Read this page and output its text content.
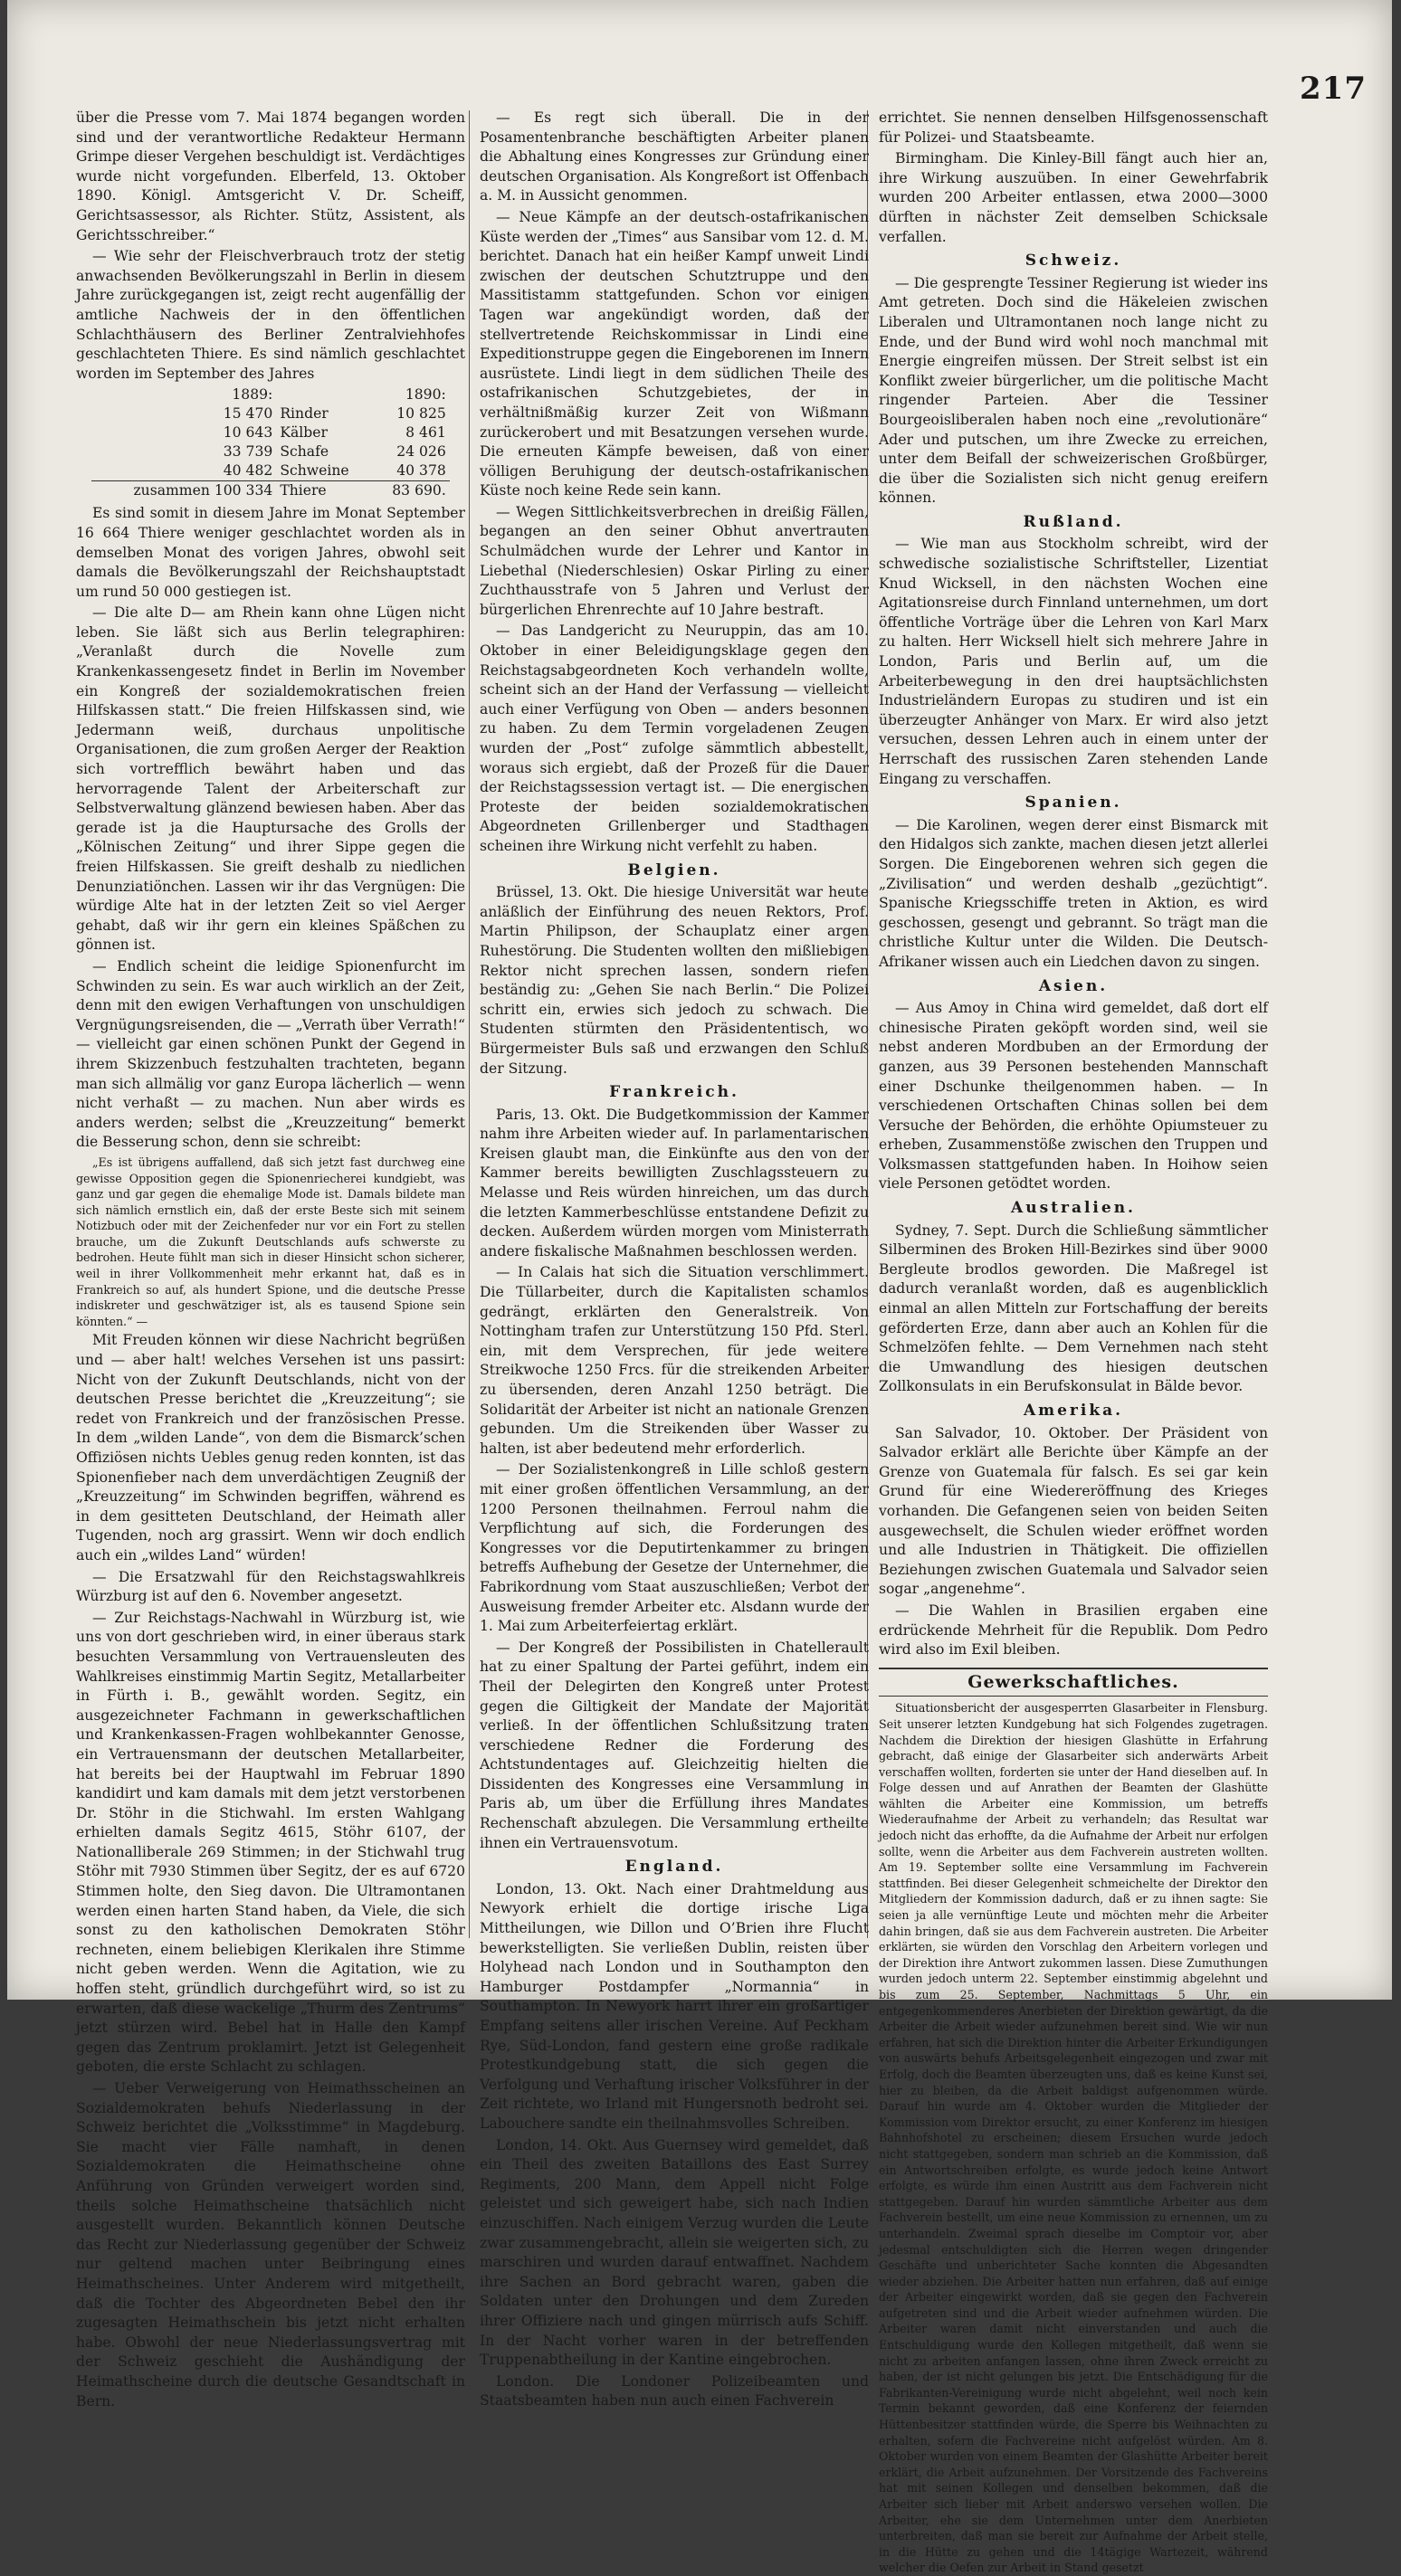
217

über die Presse vom 7. Mai 1874 begangen worden sind und der verantwortliche Redakteur Hermann Grimpe dieser Vergehen beschuldigt ist. Verdächtiges wurde nicht vorgefunden. Elberfeld, 13. Oktober 1890. Königl. Amtsgericht V. Dr. Scheiff, Gerichtsassessor, als Richter. Stütz, Assistent, als Gerichtsschreiber.“

— Wie sehr der Fleischverbrauch trotz der stetig anwachsenden Bevölkerungszahl in Berlin in diesem Jahre zurückgegangen ist, zeigt recht augenfällig der amtliche Nachweis der in den öffentlichen Schlachthäusern des Berliner Zentralviehhofes geschlachteten Thiere. Es sind nämlich geschlachtet worden im September des Jahres

1889:		1890:
15 470	Rinder	10 825
10 643	Kälber	8 461
33 739	Schafe	24 026
40 482	Schweine	40 378
zusammen 100 334	Thiere	83 690.

Es sind somit in diesem Jahre im Monat September 16 664 Thiere weniger geschlachtet worden als in demselben Monat des vorigen Jahres, obwohl seit damals die Bevölkerungszahl der Reichshauptstadt um rund 50 000 gestiegen ist.

— Die alte D— am Rhein kann ohne Lügen nicht leben. Sie läßt sich aus Berlin telegraphiren: „Veranlaßt durch die Novelle zum Krankenkassengesetz findet in Berlin im November ein Kongreß der sozialdemokratischen freien Hilfskassen statt.“ Die freien Hilfskassen sind, wie Jedermann weiß, durchaus unpolitische Organisationen, die zum großen Aerger der Reaktion sich vortrefflich bewährt haben und das hervorragende Talent der Arbeiterschaft zur Selbstverwaltung glänzend bewiesen haben. Aber das gerade ist ja die Hauptursache des Grolls der „Kölnischen Zeitung“ und ihrer Sippe gegen die freien Hilfskassen. Sie greift deshalb zu niedlichen Denunziatiönchen. Lassen wir ihr das Vergnügen: Die würdige Alte hat in der letzten Zeit so viel Aerger gehabt, daß wir ihr gern ein kleines Späßchen zu gönnen ist.

— Endlich scheint die leidige Spionenfurcht im Schwinden zu sein. Es war auch wirklich an der Zeit, denn mit den ewigen Verhaftungen von unschuldigen Vergnügungsreisenden, die — „Verrath über Verrath!“ — vielleicht gar einen schönen Punkt der Gegend in ihrem Skizzenbuch festzuhalten trachteten, begann man sich allmälig vor ganz Europa lächerlich — wenn nicht verhaßt — zu machen. Nun aber wirds es anders werden; selbst die „Kreuzzeitung“ bemerkt die Besserung schon, denn sie schreibt:

„Es ist übrigens auffallend, daß sich jetzt fast durchweg eine gewisse Opposition gegen die Spionenriecherei kundgiebt, was ganz und gar gegen die ehemalige Mode ist. Damals bildete man sich nämlich ernstlich ein, daß der erste Beste sich mit seinem Notizbuch oder mit der Zeichenfeder nur vor ein Fort zu stellen brauche, um die Zukunft Deutschlands aufs schwerste zu bedrohen. Heute fühlt man sich in dieser Hinsicht schon sicherer, weil in ihrer Vollkommenheit mehr erkannt hat, daß es in Frankreich so auf, als hundert Spione, und die deutsche Presse indiskreter und geschwätziger ist, als es tausend Spione sein könnten.“ —

Mit Freuden können wir diese Nachricht begrüßen und — aber halt! welches Versehen ist uns passirt: Nicht von der Zukunft Deutschlands, nicht von der deutschen Presse berichtet die „Kreuzzeitung“; sie redet von Frankreich und der französischen Presse. In dem „wilden Lande“, von dem die Bismarck’schen Offiziösen nichts Uebles genug reden konnten, ist das Spionenfieber nach dem unverdächtigen Zeugniß der „Kreuzzeitung“ im Schwinden begriffen, während es in dem gesitteten Deutschland, der Heimath aller Tugenden, noch arg grassirt. Wenn wir doch endlich auch ein „wildes Land“ würden!

— Die Ersatzwahl für den Reichstagswahlkreis Würzburg ist auf den 6. November angesetzt.

— Zur Reichstags-Nachwahl in Würzburg ist, wie uns von dort geschrieben wird, in einer überaus stark besuchten Versammlung von Vertrauensleuten des Wahlkreises einstimmig Martin Segitz, Metallarbeiter in Fürth i. B., gewählt worden. Segitz, ein ausgezeichneter Fachmann in gewerkschaftlichen und Krankenkassen-Fragen wohlbekannter Genosse, ein Vertrauensmann der deutschen Metallarbeiter, hat bereits bei der Hauptwahl im Februar 1890 kandidirt und kam damals mit dem jetzt verstorbenen Dr. Stöhr in die Stichwahl. Im ersten Wahlgang erhielten damals Segitz 4615, Stöhr 6107, der Nationalliberale 269 Stimmen; in der Stichwahl trug Stöhr mit 7930 Stimmen über Segitz, der es auf 6720 Stimmen holte, den Sieg davon. Die Ultramontanen werden einen harten Stand haben, da Viele, die sich sonst zu den katholischen Demokraten Stöhr rechneten, einem beliebigen Klerikalen ihre Stimme nicht geben werden. Wenn die Agitation, wie zu hoffen steht, gründlich durchgeführt wird, so ist zu erwarten, daß diese wackelige „Thurm des Zentrums“ jetzt stürzen wird. Bebel hat in Halle den Kampf gegen das Zentrum proklamirt. Jetzt ist Gelegenheit geboten, die erste Schlacht zu schlagen.

— Ueber Verweigerung von Heimathsscheinen an Sozialdemokraten behufs Niederlassung in der Schweiz berichtet die „Volksstimme“ in Magdeburg. Sie macht vier Fälle namhaft, in denen Sozialdemokraten die Heimathscheine ohne Anführung von Gründen verweigert worden sind, theils solche Heimathscheine thatsächlich nicht ausgestellt wurden. Bekanntlich können Deutsche das Recht zur Niederlassung gegenüber der Schweiz nur geltend machen unter Beibringung eines Heimathscheines. Unter Anderem wird mitgetheilt, daß die Tochter des Abgeordneten Bebel den ihr zugesagten Heimathschein bis jetzt nicht erhalten habe. Obwohl der neue Niederlassungsvertrag mit der Schweiz geschieht die Aushändigung der Heimathscheine durch die deutsche Gesandtschaft in Bern.

— Es regt sich überall. Die in der Posamentenbranche beschäftigten Arbeiter planen die Abhaltung eines Kongresses zur Gründung einer deutschen Organisation. Als Kongreßort ist Offenbach a. M. in Aussicht genommen.

— Neue Kämpfe an der deutsch-ostafrikanischen Küste werden der „Times“ aus Sansibar vom 12. d. M. berichtet. Danach hat ein heißer Kampf unweit Lindi zwischen der deutschen Schutztruppe und den Massitistamm stattgefunden. Schon vor einigen Tagen war angekündigt worden, daß der stellvertretende Reichskommissar in Lindi eine Expeditionstruppe gegen die Eingeborenen im Innern ausrüstete. Lindi liegt in dem südlichen Theile des ostafrikanischen Schutzgebietes, der in verhältnißmäßig kurzer Zeit von Wißmann zurückerobert und mit Besatzungen versehen wurde. Die erneuten Kämpfe beweisen, daß von einer völligen Beruhigung der deutsch-ostafrikanischen Küste noch keine Rede sein kann.

— Wegen Sittlichkeitsverbrechen in dreißig Fällen, begangen an den seiner Obhut anvertrauten Schulmädchen wurde der Lehrer und Kantor in Liebethal (Niederschlesien) Oskar Pirling zu einer Zuchthausstrafe von 5 Jahren und Verlust der bürgerlichen Ehrenrechte auf 10 Jahre bestraft.

— Das Landgericht zu Neuruppin, das am 10. Oktober in einer Beleidigungsklage gegen den Reichstagsabgeordneten Koch verhandeln wollte, scheint sich an der Hand der Verfassung — vielleicht auch einer Verfügung von Oben — anders besonnen zu haben. Zu dem Termin vorgeladenen Zeugen wurden der „Post“ zufolge sämmtlich abbestellt, woraus sich ergiebt, daß der Prozeß für die Dauer der Reichstagssession vertagt ist. — Die energischen Proteste der beiden sozialdemokratischen Abgeordneten Grillenberger und Stadthagen scheinen ihre Wirkung nicht verfehlt zu haben.

Belgien.

Brüssel, 13. Okt. Die hiesige Universität war heute anläßlich der Einführung des neuen Rektors, Prof. Martin Philipson, der Schauplatz einer argen Ruhestörung. Die Studenten wollten den mißliebigen Rektor nicht sprechen lassen, sondern riefen beständig zu: „Gehen Sie nach Berlin.“ Die Polizei schritt ein, erwies sich jedoch zu schwach. Die Studenten stürmten den Präsidententisch, wo Bürgermeister Buls saß und erzwangen den Schluß der Sitzung.

Frankreich.

Paris, 13. Okt. Die Budgetkommission der Kammer nahm ihre Arbeiten wieder auf. In parlamentarischen Kreisen glaubt man, die Einkünfte aus den von der Kammer bereits bewilligten Zuschlagssteuern zu Melasse und Reis würden hinreichen, um das durch die letzten Kammerbeschlüsse entstandene Defizit zu decken. Außerdem würden morgen vom Ministerrath andere fiskalische Maßnahmen beschlossen werden.

— In Calais hat sich die Situation verschlimmert. Die Tüllarbeiter, durch die Kapitalisten schamlos gedrängt, erklärten den Generalstreik. Von Nottingham trafen zur Unterstützung 150 Pfd. Sterl. ein, mit dem Versprechen, für jede weitere Streikwoche 1250 Frcs. für die streikenden Arbeiter zu übersenden, deren Anzahl 1250 beträgt. Die Solidarität der Arbeiter ist nicht an nationale Grenzen gebunden. Um die Streikenden über Wasser zu halten, ist aber bedeutend mehr erforderlich.

— Der Sozialistenkongreß in Lille schloß gestern mit einer großen öffentlichen Versammlung, an der 1200 Personen theilnahmen. Ferroul nahm die Verpflichtung auf sich, die Forderungen des Kongresses vor die Deputirtenkammer zu bringen betreffs Aufhebung der Gesetze der Unternehmer, die Fabrikordnung vom Staat auszuschließen; Verbot der Ausweisung fremder Arbeiter etc. Alsdann wurde der 1. Mai zum Arbeiterfeiertag erklärt.

— Der Kongreß der Possibilisten in Chatellerault hat zu einer Spaltung der Partei geführt, indem ein Theil der Delegirten den Kongreß unter Protest gegen die Giltigkeit der Mandate der Majorität verließ. In der öffentlichen Schlußsitzung traten verschiedene Redner die Forderung des Achtstundentages auf. Gleichzeitig hielten die Dissidenten des Kongresses eine Versammlung in Paris ab, um über die Erfüllung ihres Mandates Rechenschaft abzulegen. Die Versammlung ertheilte ihnen ein Vertrauensvotum.

England.

London, 13. Okt. Nach einer Drahtmeldung aus Newyork erhielt die dortige irische Liga Mittheilungen, wie Dillon und O’Brien ihre Flucht bewerkstelligten. Sie verließen Dublin, reisten über Holyhead nach London und in Southampton den Hamburger Postdampfer „Normannia“ in Southampton. In Newyork harrt ihrer ein großartiger Empfang seitens aller irischen Vereine. Auf Peckham Rye, Süd-London, fand gestern eine große radikale Protestkundgebung statt, die sich gegen die Verfolgung und Verhaftung irischer Volksführer in der Zeit richtete, wo Irland mit Hungersnoth bedroht sei. Labouchere sandte ein theilnahmsvolles Schreiben.

London, 14. Okt. Aus Guernsey wird gemeldet, daß ein Theil des zweiten Bataillons des East Surrey Regiments, 200 Mann, dem Appell nicht Folge geleistet und sich geweigert habe, sich nach Indien einzuschiffen. Nach einigem Verzug wurden die Leute zwar zusammengebracht, allein sie weigerten sich, zu marschiren und wurden darauf entwaffnet. Nachdem ihre Sachen an Bord gebracht waren, gaben die Soldaten unter den Drohungen und dem Zureden ihrer Offiziere nach und gingen mürrisch aufs Schiff. In der Nacht vorher waren in der betreffenden Truppenabtheilung in der Kantine eingebrochen.

London. Die Londoner Polizeibeamten und Staatsbeamten haben nun auch einen Fachverein

errichtet. Sie nennen denselben Hilfsgenossenschaft für Polizei- und Staatsbeamte.

Birmingham. Die Kinley-Bill fängt auch hier an, ihre Wirkung auszuüben. In einer Gewehrfabrik wurden 200 Arbeiter entlassen, etwa 2000—3000 dürften in nächster Zeit demselben Schicksale verfallen.

Schweiz.

— Die gesprengte Tessiner Regierung ist wieder ins Amt getreten. Doch sind die Häkeleien zwischen Liberalen und Ultramontanen noch lange nicht zu Ende, und der Bund wird wohl noch manchmal mit Energie eingreifen müssen. Der Streit selbst ist ein Konflikt zweier bürgerlicher, um die politische Macht ringender Parteien. Aber die Tessiner Bourgeoisliberalen haben noch eine „revolutionäre“ Ader und putschen, um ihre Zwecke zu erreichen, unter dem Beifall der schweizerischen Großbürger, die über die Sozialisten sich nicht genug ereifern können.

Rußland.

— Wie man aus Stockholm schreibt, wird der schwedische sozialistische Schriftsteller, Lizentiat Knud Wicksell, in den nächsten Wochen eine Agitationsreise durch Finnland unternehmen, um dort öffentliche Vorträge über die Lehren von Karl Marx zu halten. Herr Wicksell hielt sich mehrere Jahre in London, Paris und Berlin auf, um die Arbeiterbewegung in den drei hauptsächlichsten Industrieländern Europas zu studiren und ist ein überzeugter Anhänger von Marx. Er wird also jetzt versuchen, dessen Lehren auch in einem unter der Herrschaft des russischen Zaren stehenden Lande Eingang zu verschaffen.

Spanien.

— Die Karolinen, wegen derer einst Bismarck mit den Hidalgos sich zankte, machen diesen jetzt allerlei Sorgen. Die Eingeborenen wehren sich gegen die „Zivilisation“ und werden deshalb „gezüchtigt“. Spanische Kriegsschiffe treten in Aktion, es wird geschossen, gesengt und gebrannt. So trägt man die christliche Kultur unter die Wilden. Die Deutsch-Afrikaner wissen auch ein Liedchen davon zu singen.

Asien.

— Aus Amoy in China wird gemeldet, daß dort elf chinesische Piraten geköpft worden sind, weil sie nebst anderen Mordbuben an der Ermordung der ganzen, aus 39 Personen bestehenden Mannschaft einer Dschunke theilgenommen haben. — In verschiedenen Ortschaften Chinas sollen bei dem Versuche der Behörden, die erhöhte Opiumsteuer zu erheben, Zusammenstöße zwischen den Truppen und Volksmassen stattgefunden haben. In Hoihow seien viele Personen getödtet worden.

Australien.

Sydney, 7. Sept. Durch die Schließung sämmtlicher Silberminen des Broken Hill-Bezirkes sind über 9000 Bergleute brodlos geworden. Die Maßregel ist dadurch veranlaßt worden, daß es augenblicklich einmal an allen Mitteln zur Fortschaffung der bereits geförderten Erze, dann aber auch an Kohlen für die Schmelzöfen fehlte. — Dem Vernehmen nach steht die Umwandlung des hiesigen deutschen Zollkonsulats in ein Berufskonsulat in Bälde bevor.

Amerika.

San Salvador, 10. Oktober. Der Präsident von Salvador erklärt alle Berichte über Kämpfe an der Grenze von Guatemala für falsch. Es sei gar kein Grund für eine Wiedereröffnung des Krieges vorhanden. Die Gefangenen seien von beiden Seiten ausgewechselt, die Schulen wieder eröffnet worden und alle Industrien in Thätigkeit. Die offiziellen Beziehungen zwischen Guatemala und Salvador seien sogar „angenehme“.

— Die Wahlen in Brasilien ergaben eine erdrückende Mehrheit für die Republik. Dom Pedro wird also im Exil bleiben.

Gewerkschaftliches.

Situationsbericht der ausgesperrten Glasarbeiter in Flensburg. Seit unserer letzten Kundgebung hat sich Folgendes zugetragen. Nachdem die Direktion der hiesigen Glashütte in Erfahrung gebracht, daß einige der Glasarbeiter sich anderwärts Arbeit verschaffen wollten, forderten sie unter der Hand dieselben auf. In Folge dessen und auf Anrathen der Beamten der Glashütte wählten die Arbeiter eine Kommission, um betreffs Wiederaufnahme der Arbeit zu verhandeln; das Resultat war jedoch nicht das erhoffte, da die Aufnahme der Arbeit nur erfolgen sollte, wenn die Arbeiter aus dem Fachverein austreten wollten. Am 19. September sollte eine Versammlung im Fachverein stattfinden. Bei dieser Gelegenheit schmeichelte der Direktor den Mitgliedern der Kommission dadurch, daß er zu ihnen sagte: Sie seien ja alle vernünftige Leute und möchten mehr die Arbeiter dahin bringen, daß sie aus dem Fachverein austreten. Die Arbeiter erklärten, sie würden den Vorschlag den Arbeitern vorlegen und der Direktion ihre Antwort zukommen lassen. Diese Zumuthungen wurden jedoch unterm 22. September einstimmig abgelehnt und bis zum 25. September, Nachmittags 5 Uhr, ein entgegenkommenderes Anerbieten der Direktion gewärtigt, da die Arbeiter die Arbeit wieder aufzunehmen bereit sind. Wie wir nun erfahren, hat sich die Direktion hinter die Arbeiter Erkundigungen von auswärts behufs Arbeitsgelegenheit eingezogen und zwar mit Erfolg, doch die Beamten überzeugten uns, daß es keine Kunst sei, hier zu bleiben, da die Arbeit baldigst aufgenommen würde. Darauf hin wurde am 4. Oktober wurden die Mitglieder der Kommission vom Direktor ersucht, zu einer Konferenz im hiesigen Bahnhofshotel zu erscheinen; diesem Ersuchen wurde jedoch nicht stattgegeben, sondern man schrieb an die Kommission, daß ein Antwortschreiben erfolgte, es wurde jedoch keine Antwort erfolgte, es würde ihm einen Austritt aus dem Fachverein nicht stattgegeben. Darauf hin wurden sämmtliche Arbeiter aus dem Fachverein bestellt, um eine neue Kommission zu ernennen, um zu unterhandeln. Zweimal sprach dieselbe im Comptoir vor, aber jedesmal entschuldigten sich die Herren wegen dringender Geschäfte und unberichteter Sache konnten die Abgesandten wieder abziehen. Die Arbeiter hatten nun erfahren, daß auf einige der Arbeiter eingewirkt worden, daß sie gegen den Fachverein aufgetreten sind und die Arbeit wieder aufnehmen würden. Die Arbeiter waren damit nicht einverstanden und auch die Entschuldigung wurde den Kollegen mitgetheilt, daß wenn sie nicht zu arbeiten anfangen lassen, ohne ihren Zweck erreicht zu haben, der ist nicht gelungen bis jetzt. Die Entschädigung für die Fabrikanten-Vereinigung wurde nicht abgelehnt, weil noch kein Termin bekannt geworden, daß eine Konferenz der feiernden Hüttenbesitzer stattfinden würde, die Sperre bis Weihnachten zu erhalten, sofern die Fachvereine nicht aufgelöst würden. Am 8. Oktober wurden von einem Beamten der Glashütte Arbeiter bereit erklärt, die Arbeit aufzunehmen. Der Vorsitzende des Fachvereins hat mit seinen Kollegen und denselben bekommen, daß die Arbeiter sich lieber mit Arbeit anderswo versehen wollen. Die Arbeiter, ehe sie dem Unternehmen unter dem Anerbieten unterbreiten, daß man sie bereit zur Aufnahme der Arbeit stelle, in die Hütte zu gehen und die 14tägige Wartezeit, während welcher die Oefen zur Arbeit in Stand gesetzt
